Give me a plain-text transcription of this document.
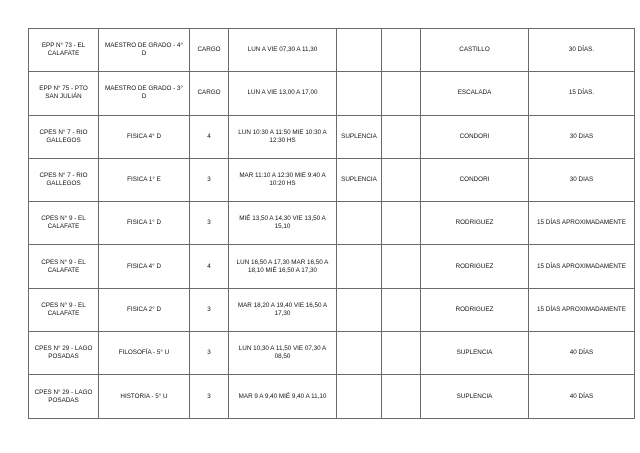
EPP N° 73 - EL CALAFATE	MAESTRO DE GRADO - 4° D	CARGO	LUN A VIE 07,30 A 11,30			CASTILLO	30 DÍAS.
EPP N° 75 - PTO SAN JULIÁN	MAESTRO DE GRADO - 3° D	CARGO	LUN A VIE 13,00 A 17,00			ESCALADA	15 DÍAS.
CPES N° 7 - RIO GALLEGOS	FISICA 4° D	4	LUN 10:30 A 11:50 MIE 10:30 A 12:30 HS	SUPLENCIA		CONDORI	30 DIAS
CPES N° 7 - RIO GALLEGOS	FISICA 1° E	3	MAR 11:10 A 12:30 MIE 9:40 A 10:20 HS	SUPLENCIA		CONDORI	30 DIAS
CPES N° 9 - EL CALAFATE	FISICA 1° D	3	MIÉ 13,50 A 14,30 VIE 13,50 A 15,10			RODRIGUEZ	15 DÍAS APROXIMADAMENTE
CPES N° 9 - EL CALAFATE	FISICA 4° D	4	LUN 16,50 A 17,30 MAR 16,50 A 18,10 MIÉ 16,50 A 17,30			RODRIGUEZ	15 DÍAS APROXIMADAMENTE
CPES N° 9 - EL CALAFATE	FISICA 2° D	3	MAR 18,20 A 19,40 VIE 16,50 A 17,30			RODRIGUEZ	15 DÍAS APROXIMADAMENTE
CPES N° 29 - LAGO POSADAS	FILOSOFÍA - 5° U	3	LUN 10,30 A 11,50 VIE 07,30 A 08,50			SUPLENCIA	40 DÍAS
CPES N° 29 - LAGO POSADAS	HISTORIA - 5° U	3	MAR 9 A 9,40 MIÉ 9,40 A 11,10			SUPLENCIA	40 DÍAS
